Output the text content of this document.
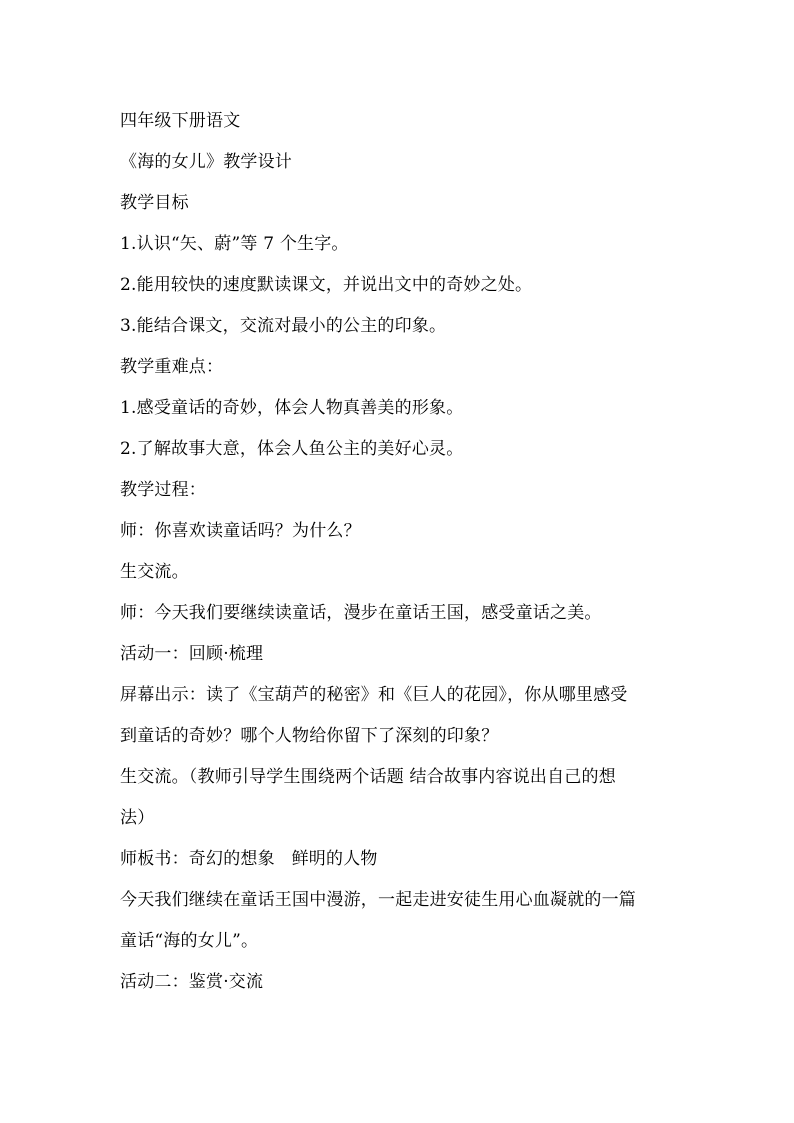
四年级下册语文
《海的女儿》教学设计
教学目标
1.认识“矢、蔚”等 7 个生字。
2.能用较快的速度默读课文，并说出文中的奇妙之处。
3.能结合课文，交流对最小的公主的印象。
教学重难点：
1.感受童话的奇妙，体会人物真善美的形象。
2.了解故事大意，体会人鱼公主的美好心灵。
教学过程：
师：你喜欢读童话吗？为什么？
生交流。
师：今天我们要继续读童话，漫步在童话王国，感受童话之美。
活动一：回顾·梳理
屏幕出示：读了《宝葫芦的秘密》和《巨人的花园》，你从哪里感受
到童话的奇妙？哪个人物给你留下了深刻的印象？
生交流。（教师引导学生围绕两个话题 结合故事内容说出自己的想
法）
师板书：奇幻的想象   鲜明的人物
今天我们继续在童话王国中漫游，一起走进安徒生用心血凝就的一篇
童话“海的女儿”。
活动二：鉴赏·交流
